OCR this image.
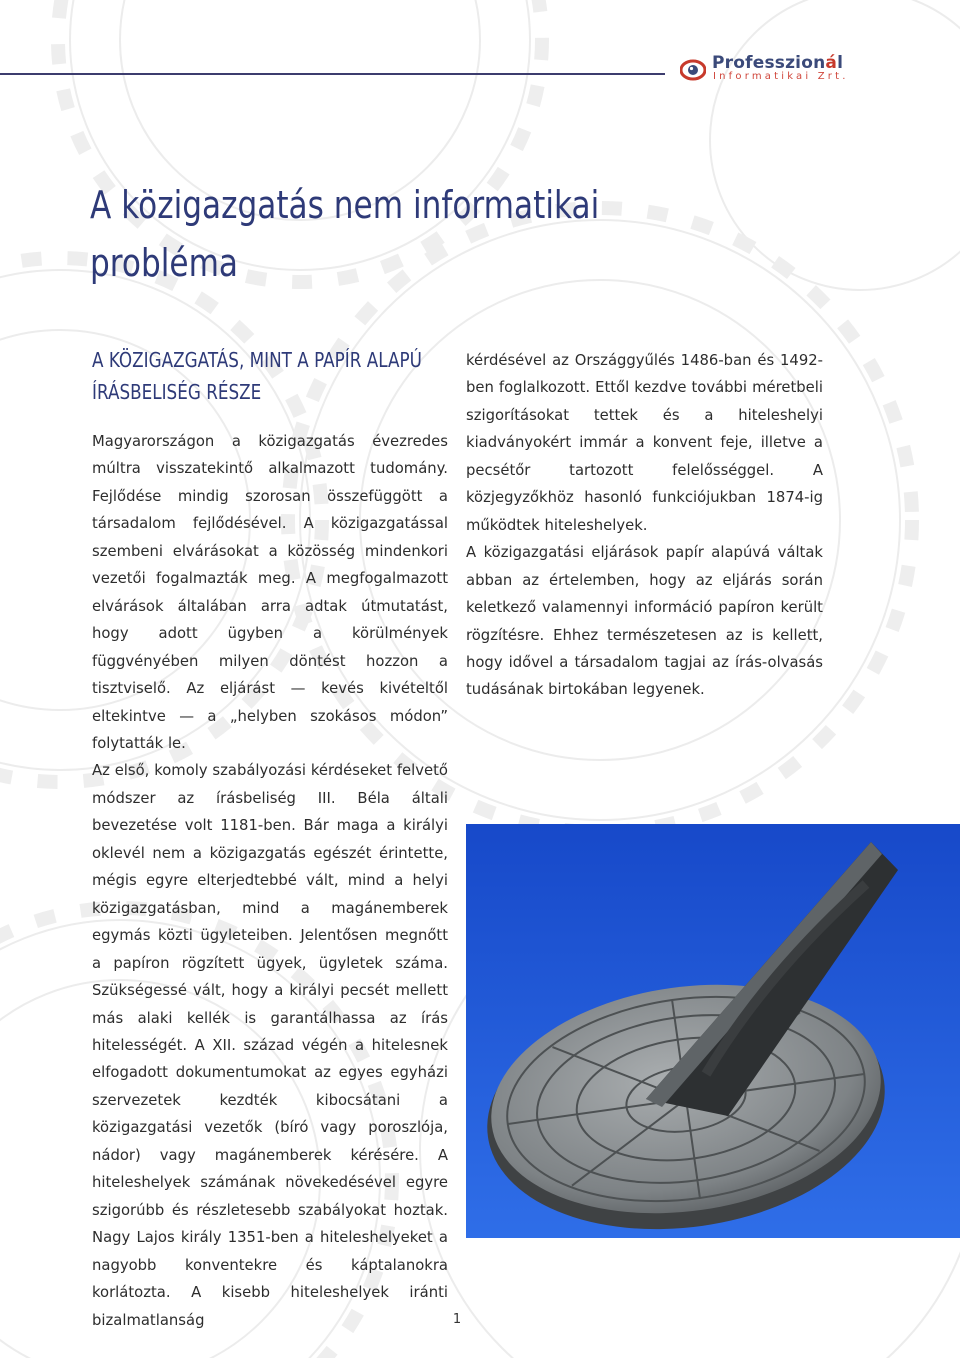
Professzionál
Informatikai Zrt.
A közigazgatás nem informatikai probléma
A KÖZIGAZGATÁS, MINT A PAPÍR ALAPÚ ÍRÁSBELISÉG RÉSZE

Magyarországon a közigazgatás évezredes múltra visszatekintő alkalmazott tudomány. Fejlődése mindig szorosan összefüggött a társadalom fejlődésével. A közigazgatással szembeni elvárásokat a közösség mindenkori vezetői fogalmazták meg. A megfogalmazott elvárások általában arra adtak útmutatást, hogy adott ügyben a körülmények függvényében milyen döntést hozzon a tisztviselő. Az eljárást — kevés kivételtől eltekintve — a „helyben szokásos módon” folytatták le.

Az első, komoly szabályozási kérdéseket felvető módszer az írásbeliség III. Béla általi bevezetése volt 1181-ben. Bár maga a királyi oklevél nem a közigazgatás egészét érintette, mégis egyre elterjedtebbé vált, mind a helyi közigazgatásban, mind a magánemberek egymás közti ügyleteiben. Jelentősen megnőtt a papíron rögzített ügyek, ügyletek száma. Szükségessé vált, hogy a királyi pecsét mellett más alaki kellék is garantálhassa az írás hitelességét. A XII. század végén a hitelesnek elfogadott dokumentumokat az egyes egyházi szervezetek kezdték kibocsátani a közigazgatási vezetők (bíró vagy poroszlója, nádor) vagy magánemberek kérésére. A hiteleshelyek számának növekedésével egyre szigorúbb és részletesebb szabályokat hoztak. Nagy Lajos király 1351-ben a hiteleshelyeket a nagyobb konventekre és káptalanokra korlátozta. A kisebb hiteleshelyek iránti bizalmatlanság

kérdésével az Országgyűlés 1486-ban és 1492-ben foglalkozott. Ettől kezdve további méretbeli szigorításokat tettek és a hiteleshelyi kiadványokért immár a konvent feje, illetve a pecsétőr tartozott felelősséggel. A közjegyzőkhöz hasonló funkciójukban 1874-ig működtek hiteleshelyek.

A közigazgatási eljárások papír alapúvá váltak abban az értelemben, hogy az eljárás során keletkező valamennyi információ papíron került rögzítésre. Ehhez természetesen az is kellett, hogy idővel a társadalom tagjai az írás-olvasás tudásának birtokában legyenek.

1
